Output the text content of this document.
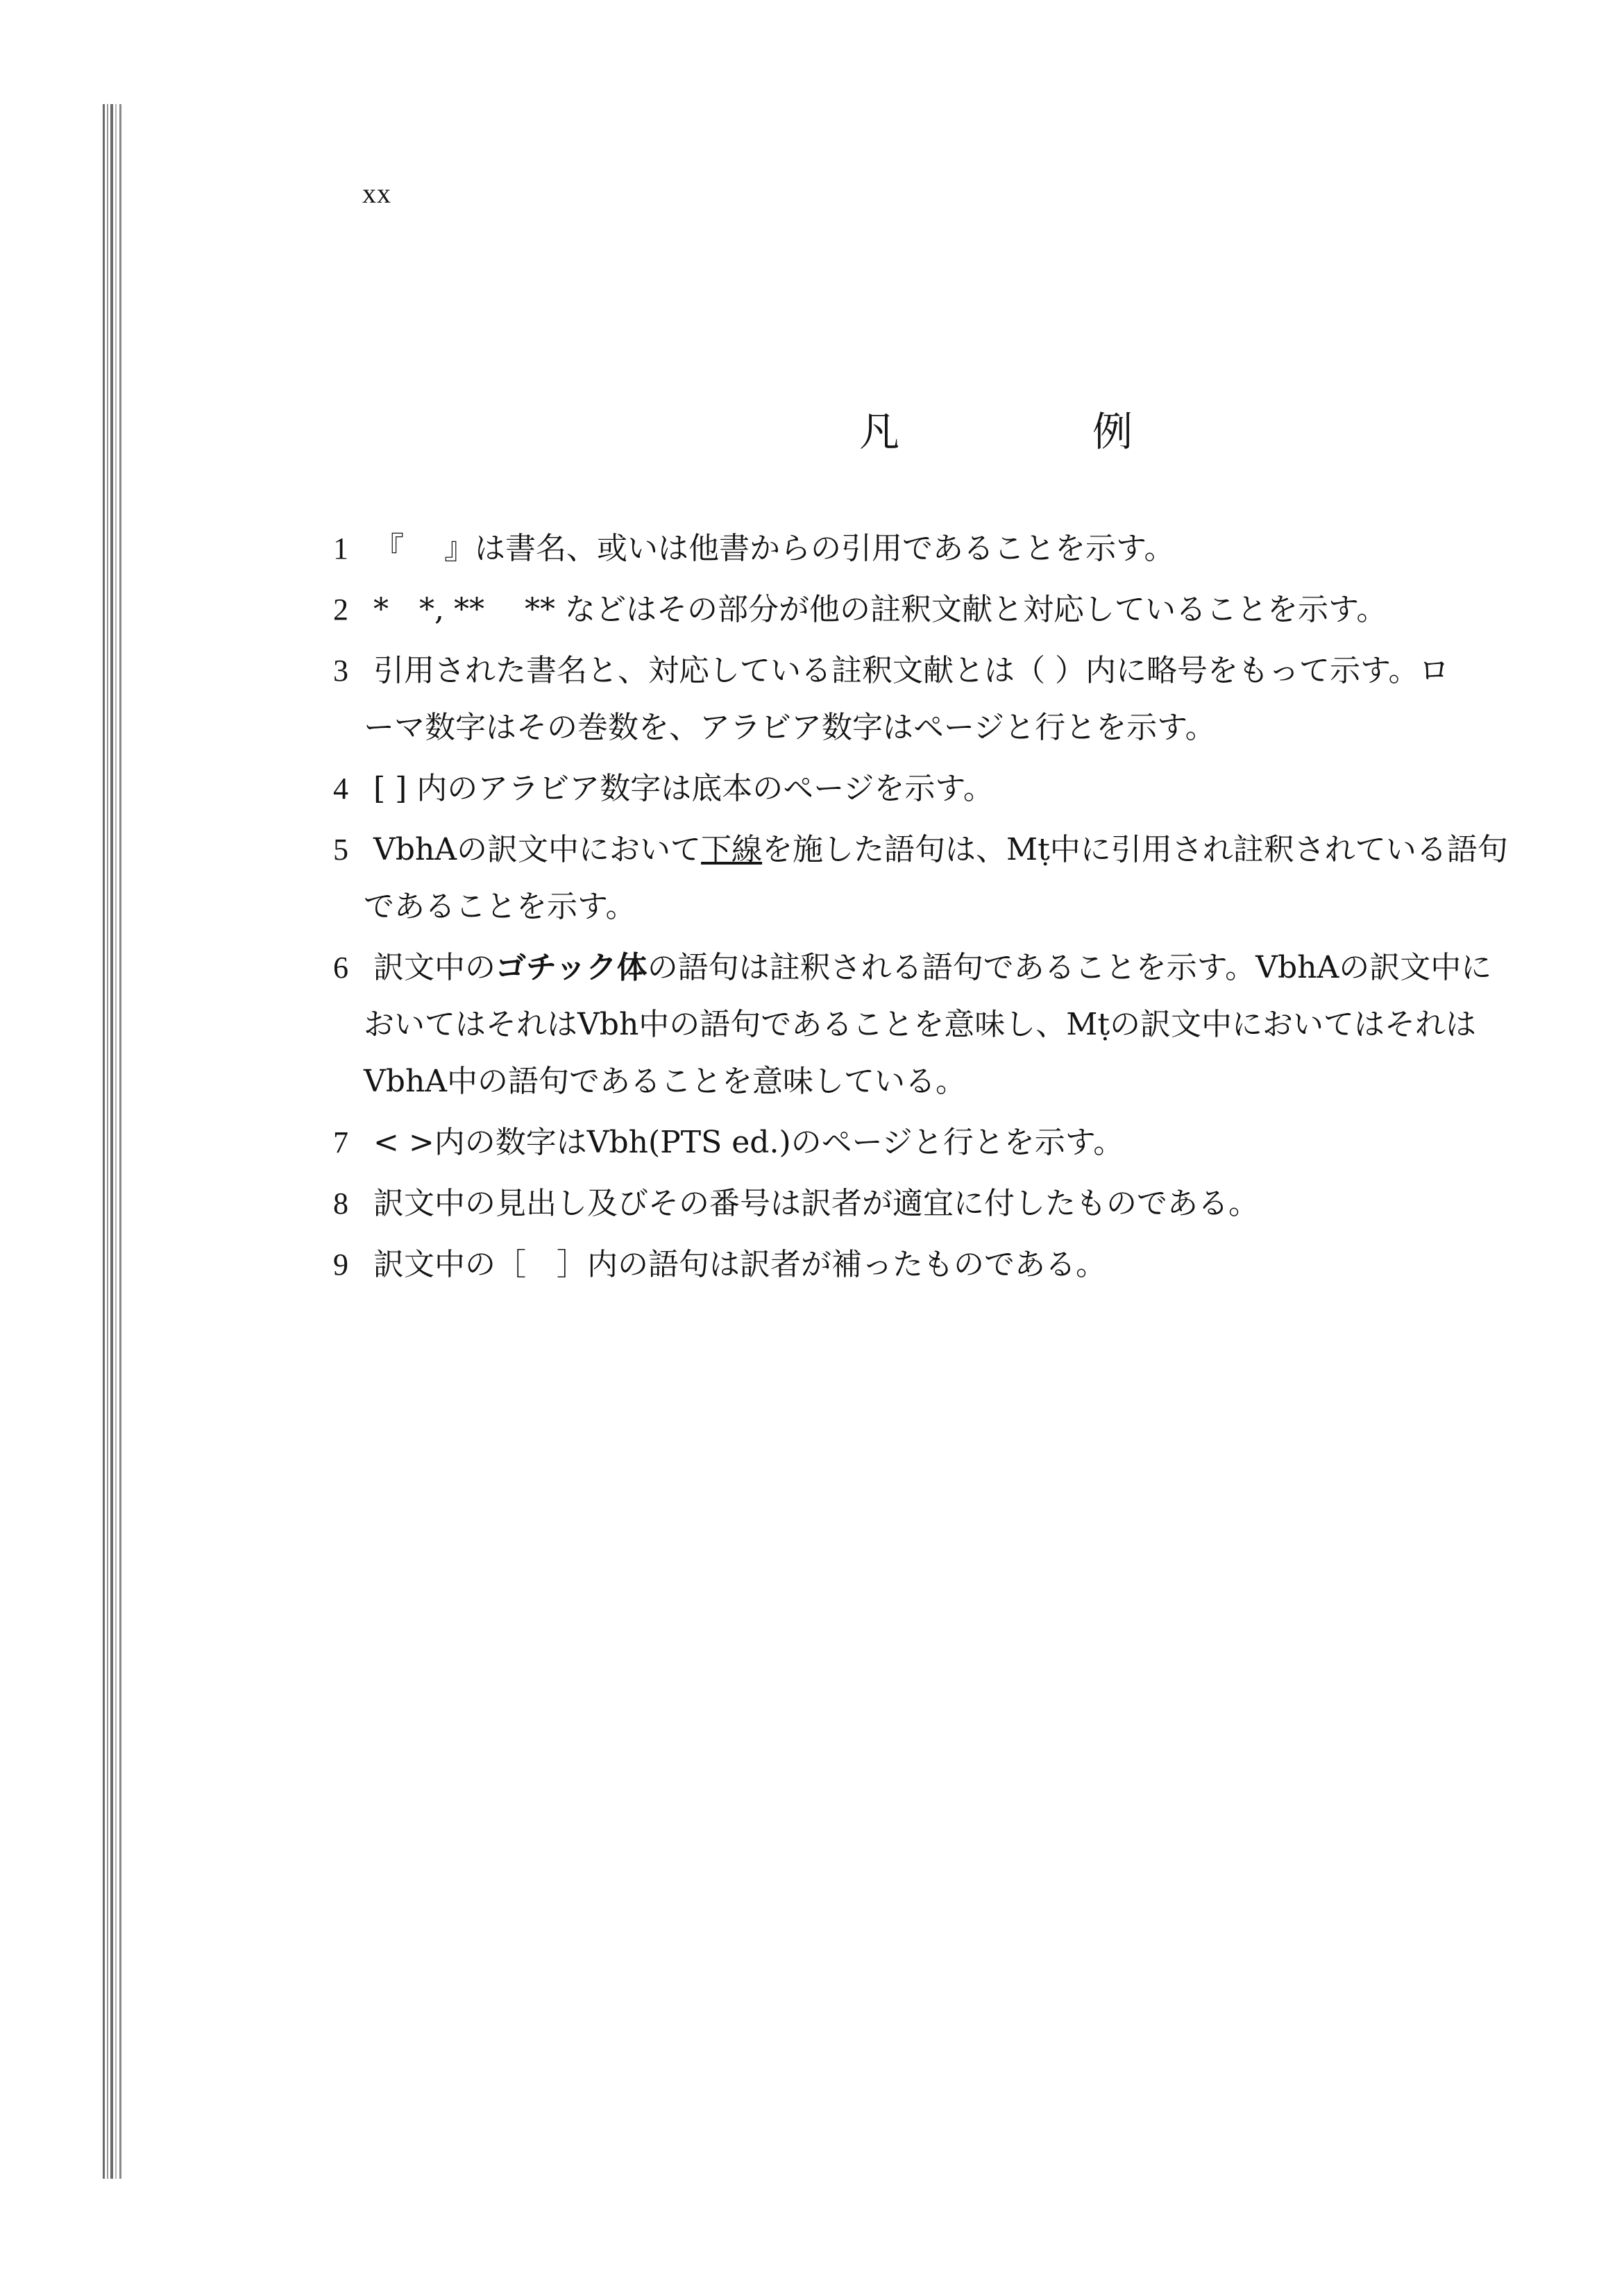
xx
凡　例
1 『　 』は書名、或いは他書からの引用であることを示す。
2 *　*, **　 ** などはその部分が他の註釈文献と対応していることを示す。
3 引用された書名と、対応している註釈文献とは（ ）内に略号をもって示す。ロ
ーマ数字はその巻数を、アラビア数字はページと行とを示す。
4 [ ] 内のアラビア数字は底本のページを示す。
5 VbhAの訳文中において下線を施した語句は、Mṭ中に引用され註釈されている語句
であることを示す。
6 訳文中のゴチック体の語句は註釈される語句であることを示す。VbhAの訳文中に
おいてはそれはVbh中の語句であることを意味し、Mṭの訳文中においてはそれは
VbhA中の語句であることを意味している。
7 < >内の数字はVbh(PTS ed.)のページと行とを示す。
8 訳文中の見出し及びその番号は訳者が適宜に付したものである。
9 訳文中の［　］内の語句は訳者が補ったものである。
